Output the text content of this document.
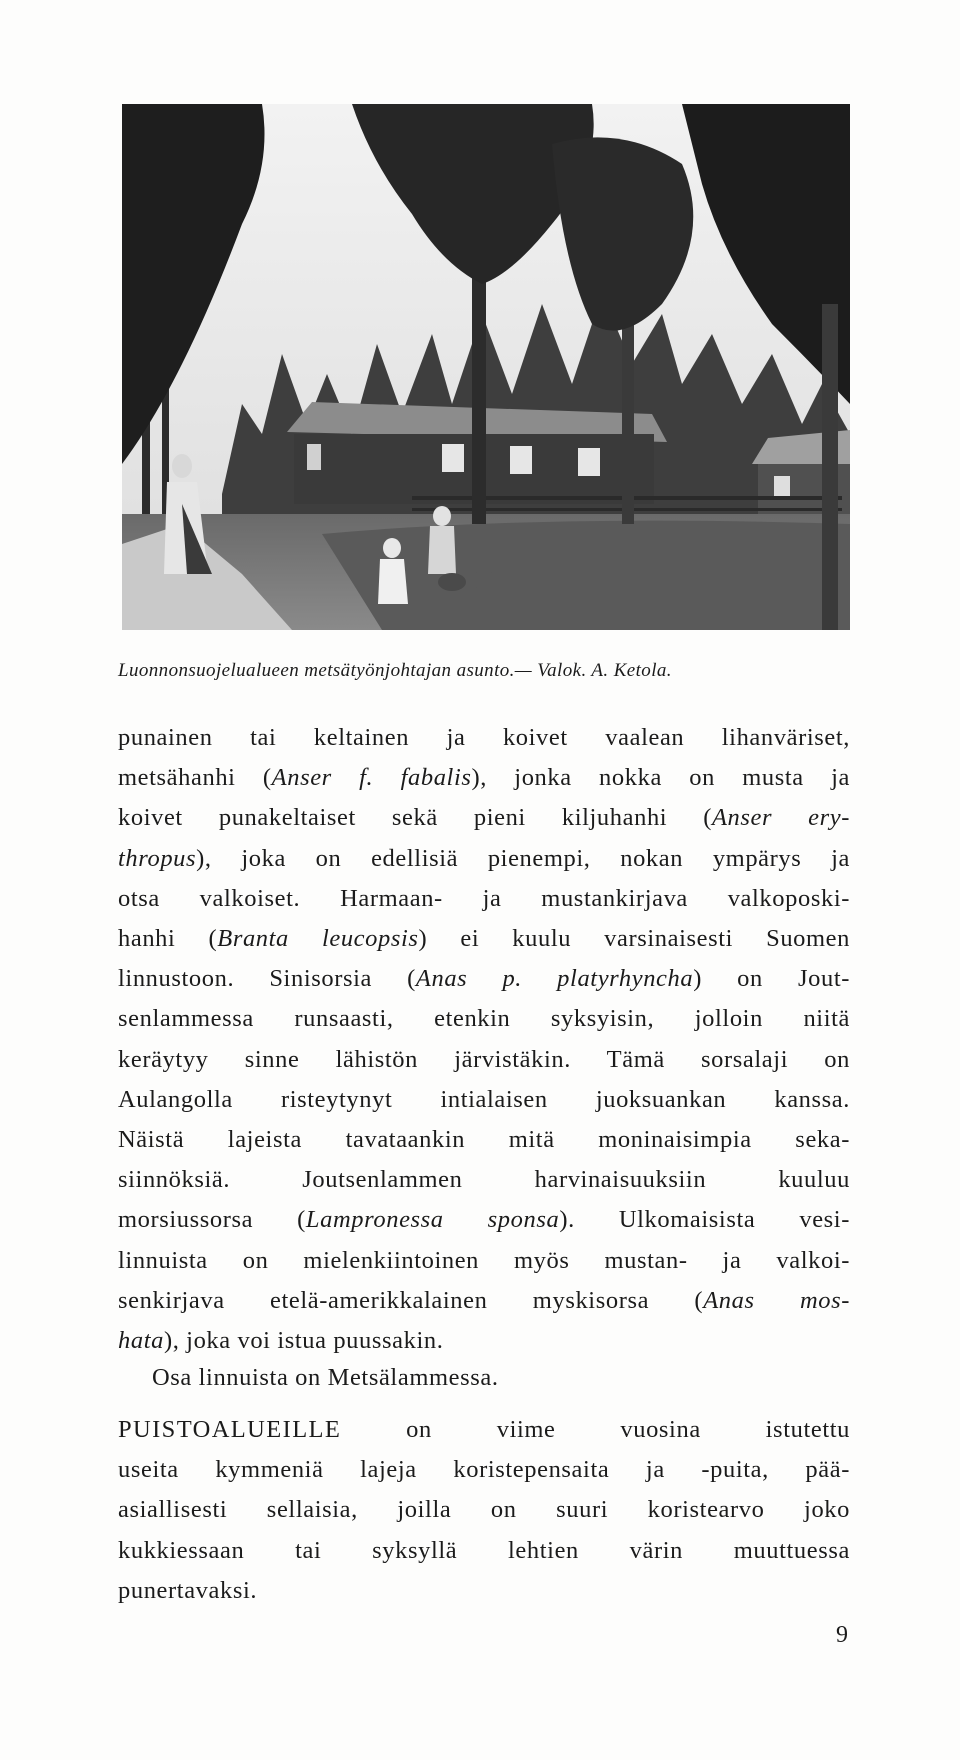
Luonnonsuojelualueen metsätyönjohtajan asunto.— Valok. A. Ketola.
punainen tai keltainen ja koivet vaalean lihanväriset,
metsähanhi (Anser f. fabalis), jonka nokka on musta ja
koivet punakeltaiset sekä pieni kiljuhanhi (Anser ery-
thropus), joka on edellisiä pienempi, nokan ympärys ja
otsa valkoiset. Harmaan- ja mustankirjava valkoposki-
hanhi (Branta leucopsis) ei kuulu varsinaisesti Suomen
linnustoon. Sinisorsia (Anas p. platyrhyncha) on Jout-
senlammessa runsaasti, etenkin syksyisin, jolloin niitä
keräytyy sinne lähistön järvistäkin. Tämä sorsalaji on
Aulangolla risteytynyt intialaisen juoksuankan kanssa.
Näistä lajeista tavataankin mitä moninaisimpia seka-
siinnöksiä. Joutsenlammen harvinaisuuksiin kuuluu
morsiussorsa (Lampronessa sponsa). Ulkomaisista vesi-
linnuista on mielenkiintoinen myös mustan- ja valkoi-
senkirjava etelä-amerikkalainen myskisorsa (Anas mos-
hata), joka voi istua puussakin.
Osa linnuista on Metsälammessa.
PUISTOALUEILLE on viime vuosina istutettu
useita kymmeniä lajeja koristepensaita ja -puita, pää-
asiallisesti sellaisia, joilla on suuri koristearvo joko
kukkiessaan tai syksyllä lehtien värin muuttuessa
punertavaksi.
9
